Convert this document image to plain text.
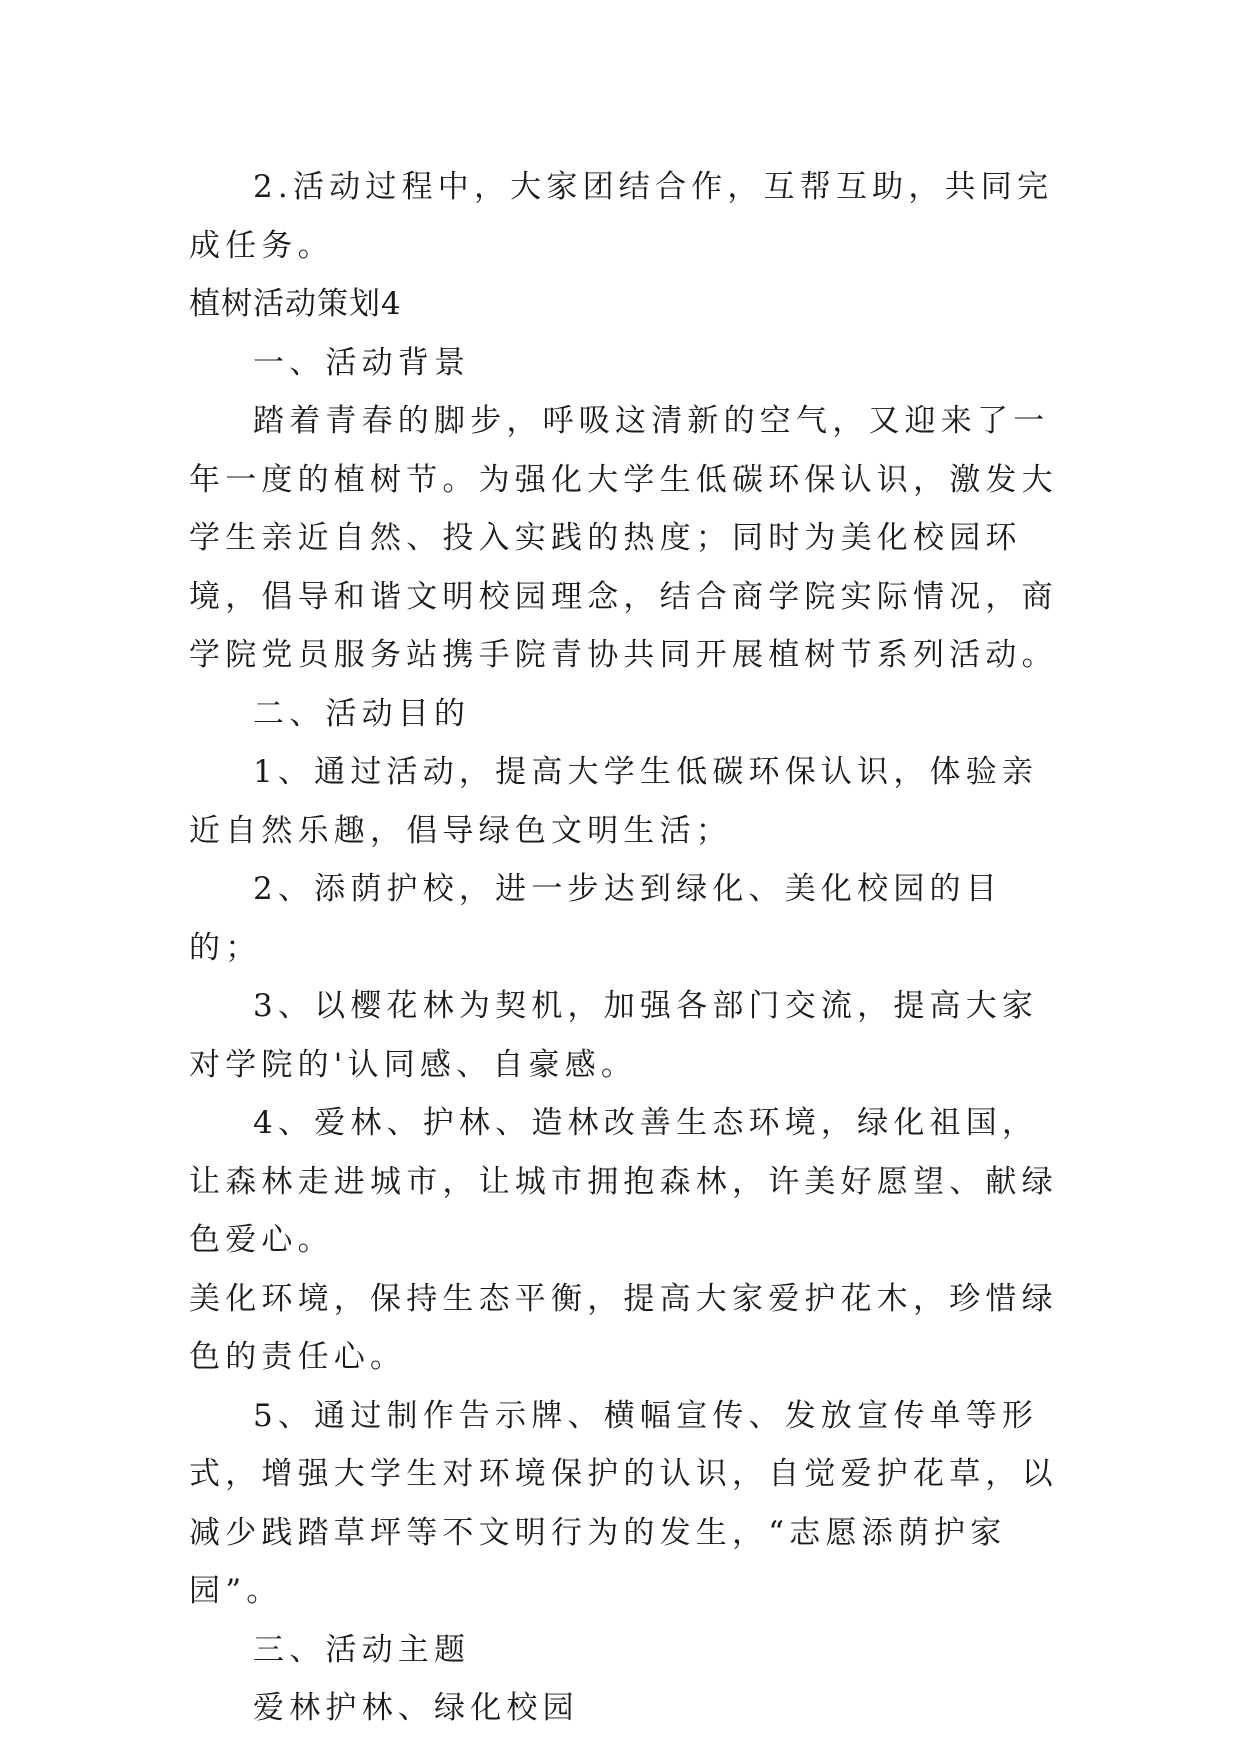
2.活动过程中，大家团结合作，互帮互助，共同完成任务。

植树活动策划4

一、活动背景

踏着青春的脚步，呼吸这清新的空气，又迎来了一年一度的植树节。为强化大学生低碳环保认识，激发大学生亲近自然、投入实践的热度；同时为美化校园环境，倡导和谐文明校园理念，结合商学院实际情况，商学院党员服务站携手院青协共同开展植树节系列活动。

二、活动目的

1、通过活动，提高大学生低碳环保认识，体验亲近自然乐趣，倡导绿色文明生活；

2、添荫护校，进一步达到绿化、美化校园的目的；

3、以樱花林为契机，加强各部门交流，提高大家对学院的'认同感、自豪感。

4、爱林、护林、造林改善生态环境，绿化祖国，让森林走进城市，让城市拥抱森林，许美好愿望、献绿色爱心。

美化环境，保持生态平衡，提高大家爱护花木，珍惜绿色的责任心。

5、通过制作告示牌、横幅宣传、发放宣传单等形式，增强大学生对环境保护的认识，自觉爱护花草，以减少践踏草坪等不文明行为的发生，“志愿添荫护家园”。

三、活动主题

爱林护林、绿化校园
